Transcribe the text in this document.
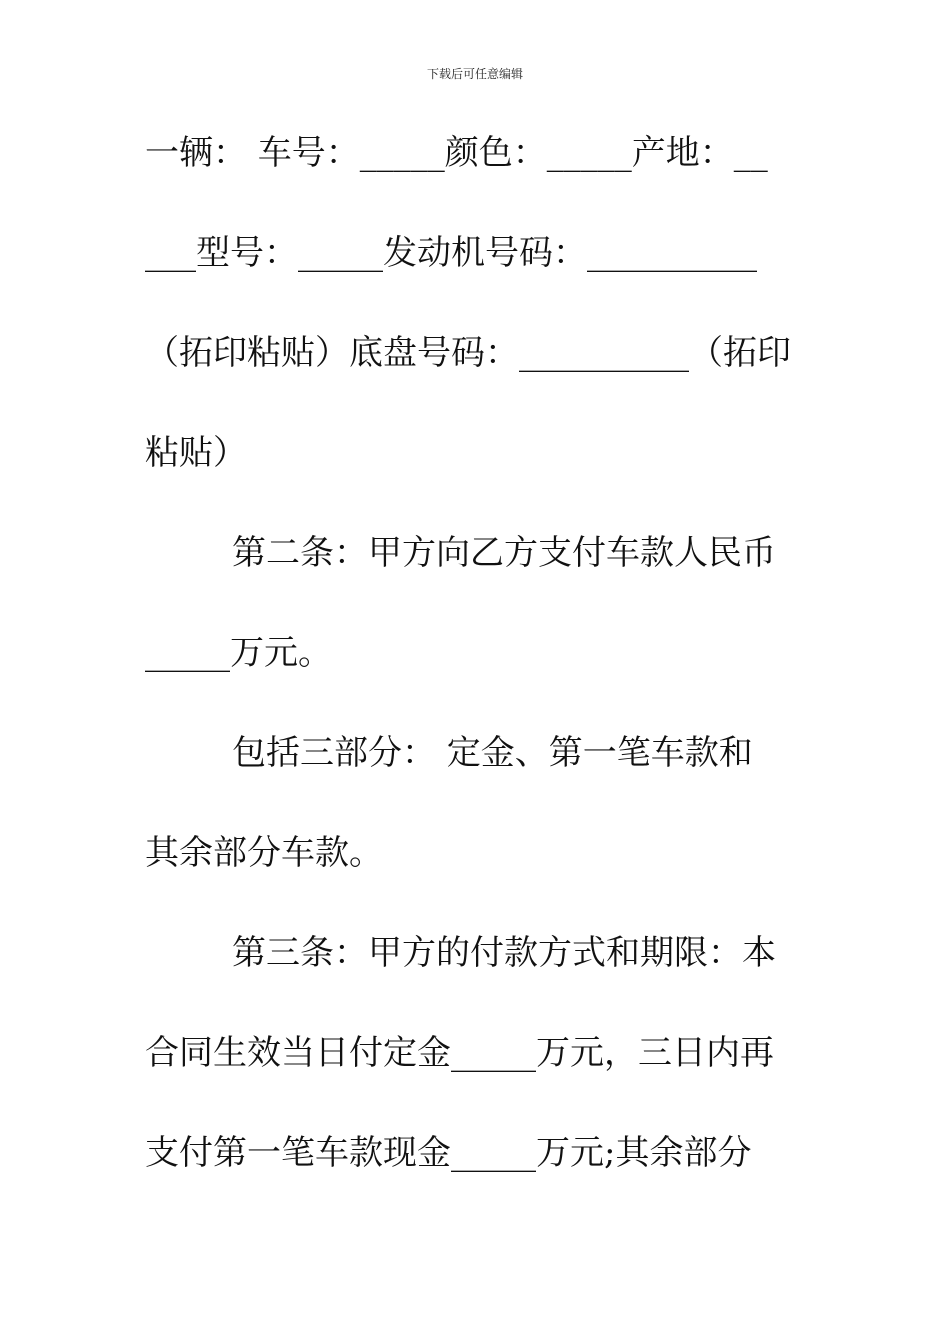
下载后可任意编辑
一辆： 车号：_____颜色：_____产地：__
___型号：_____发动机号码：__________
（拓印粘贴）底盘号码：__________（拓印
粘贴）
第二条：甲方向乙方支付车款人民币
_____万元。
包括三部分： 定金、第一笔车款和
其余部分车款。
第三条：甲方的付款方式和期限：本
合同生效当日付定金_____万元，三日内再
支付第一笔车款现金_____万元;其余部分
